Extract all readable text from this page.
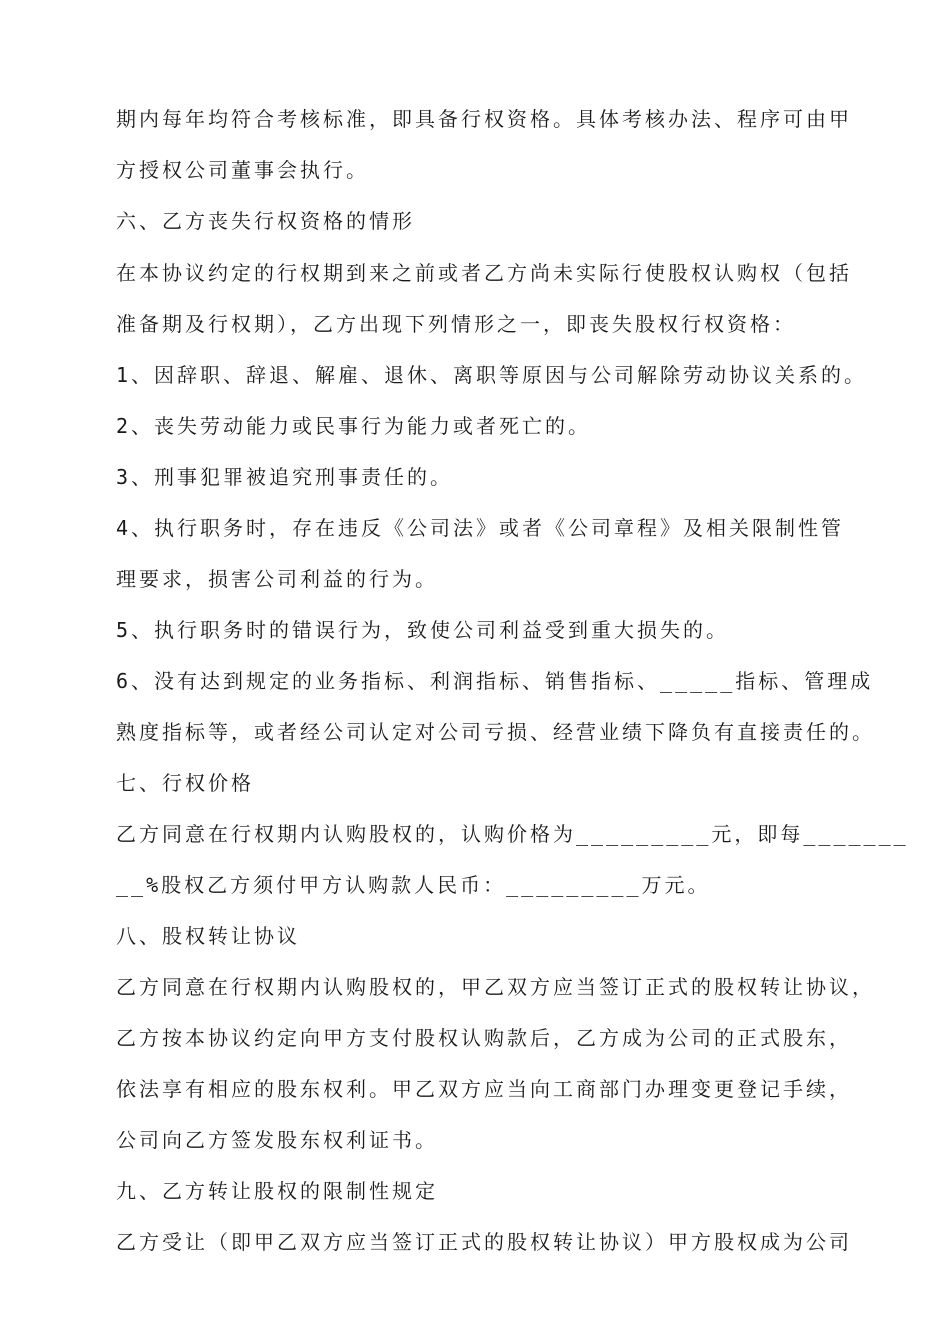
期内每年均符合考核标准，即具备行权资格。具体考核办法、程序可由甲
方授权公司董事会执行。
六、乙方丧失行权资格的情形
在本协议约定的行权期到来之前或者乙方尚未实际行使股权认购权（包括
准备期及行权期），乙方出现下列情形之一，即丧失股权行权资格：
1、因辞职、辞退、解雇、退休、离职等原因与公司解除劳动协议关系的。
2、丧失劳动能力或民事行为能力或者死亡的。
3、刑事犯罪被追究刑事责任的。
4、执行职务时，存在违反《公司法》或者《公司章程》及相关限制性管
理要求，损害公司利益的行为。
5、执行职务时的错误行为，致使公司利益受到重大损失的。
6、没有达到规定的业务指标、利润指标、销售指标、_____指标、管理成
熟度指标等，或者经公司认定对公司亏损、经营业绩下降负有直接责任的。
七、行权价格
乙方同意在行权期内认购股权的，认购价格为_________元，即每_______
__%股权乙方须付甲方认购款人民币：_________万元。
八、股权转让协议
乙方同意在行权期内认购股权的，甲乙双方应当签订正式的股权转让协议，
乙方按本协议约定向甲方支付股权认购款后，乙方成为公司的正式股东，
依法享有相应的股东权利。甲乙双方应当向工商部门办理变更登记手续，
公司向乙方签发股东权利证书。
九、乙方转让股权的限制性规定
乙方受让（即甲乙双方应当签订正式的股权转让协议）甲方股权成为公司
